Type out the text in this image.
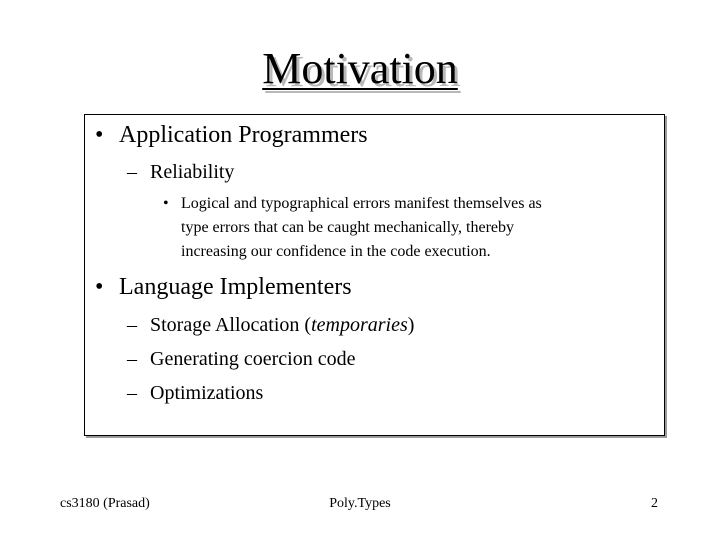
Motivation
• Application Programmers
– Reliability
• Logical and typographical errors manifest themselves as
type errors that can be caught mechanically, thereby
increasing our confidence in the code execution.
• Language Implementers
– Storage Allocation (temporaries)
– Generating coercion code
– Optimizations
cs3180 (Prasad)	Poly.Types	2
